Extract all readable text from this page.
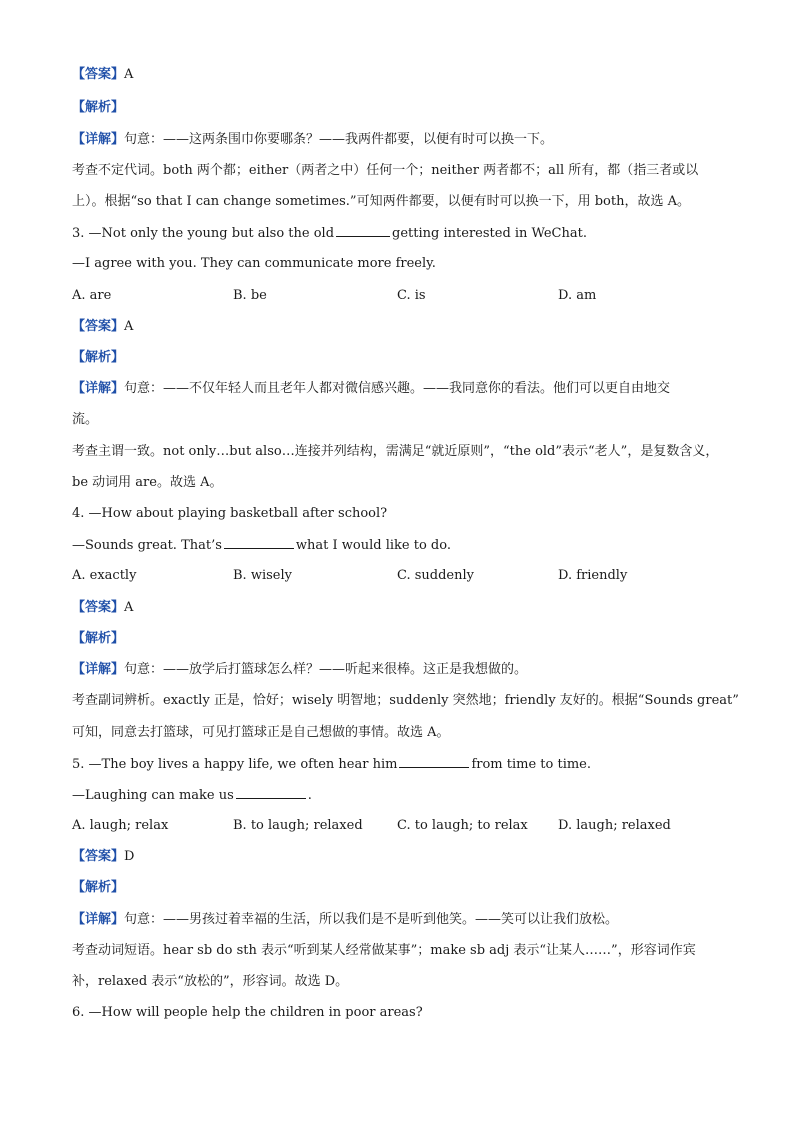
【答案】A
【解析】
【详解】句意：——这两条围巾你要哪条？——我两件都要，以便有时可以换一下。
考查不定代词。both 两个都；either（两者之中）任何一个；neither 两者都不；all 所有，都（指三者或以
上）。根据“so that I can change sometimes.”可知两件都要，以便有时可以换一下，用 both，故选 A。
3. —Not only the young but also the old	getting interested in WeChat.
—I agree with you. They can communicate more freely.
A. are	B. be	C. is	D. am
【答案】A
【解析】
【详解】句意：——不仅年轻人而且老年人都对微信感兴趣。——我同意你的看法。他们可以更自由地交
流。
考查主谓一致。not only…but also…连接并列结构，需满足“就近原则”，“the old”表示“老人”，是复数含义，
be 动词用 are。故选 A。
4. —How about playing basketball after school?
—Sounds great. That’s	what I would like to do.
A. exactly	B. wisely	C. suddenly	D. friendly
【答案】A
【解析】
【详解】句意：——放学后打篮球怎么样？——听起来很棒。这正是我想做的。
考查副词辨析。exactly 正是，恰好；wisely 明智地；suddenly 突然地；friendly 友好的。根据“Sounds great”
可知，同意去打篮球，可见打篮球正是自己想做的事情。故选 A。
5. —The boy lives a happy life, we often hear him	from time to time.
—Laughing can make us	.
A. laugh; relax	B. to laugh; relaxed	C. to laugh; to relax D. laugh; relaxed
【答案】D
【解析】
【详解】句意：——男孩过着幸福的生活，所以我们是不是听到他笑。——笑可以让我们放松。
考查动词短语。hear sb do sth 表示“听到某人经常做某事”；make sb adj 表示“让某人……”，形容词作宾
补，relaxed 表示“放松的”，形容词。故选 D。
6. —How will people help the children in poor areas?
